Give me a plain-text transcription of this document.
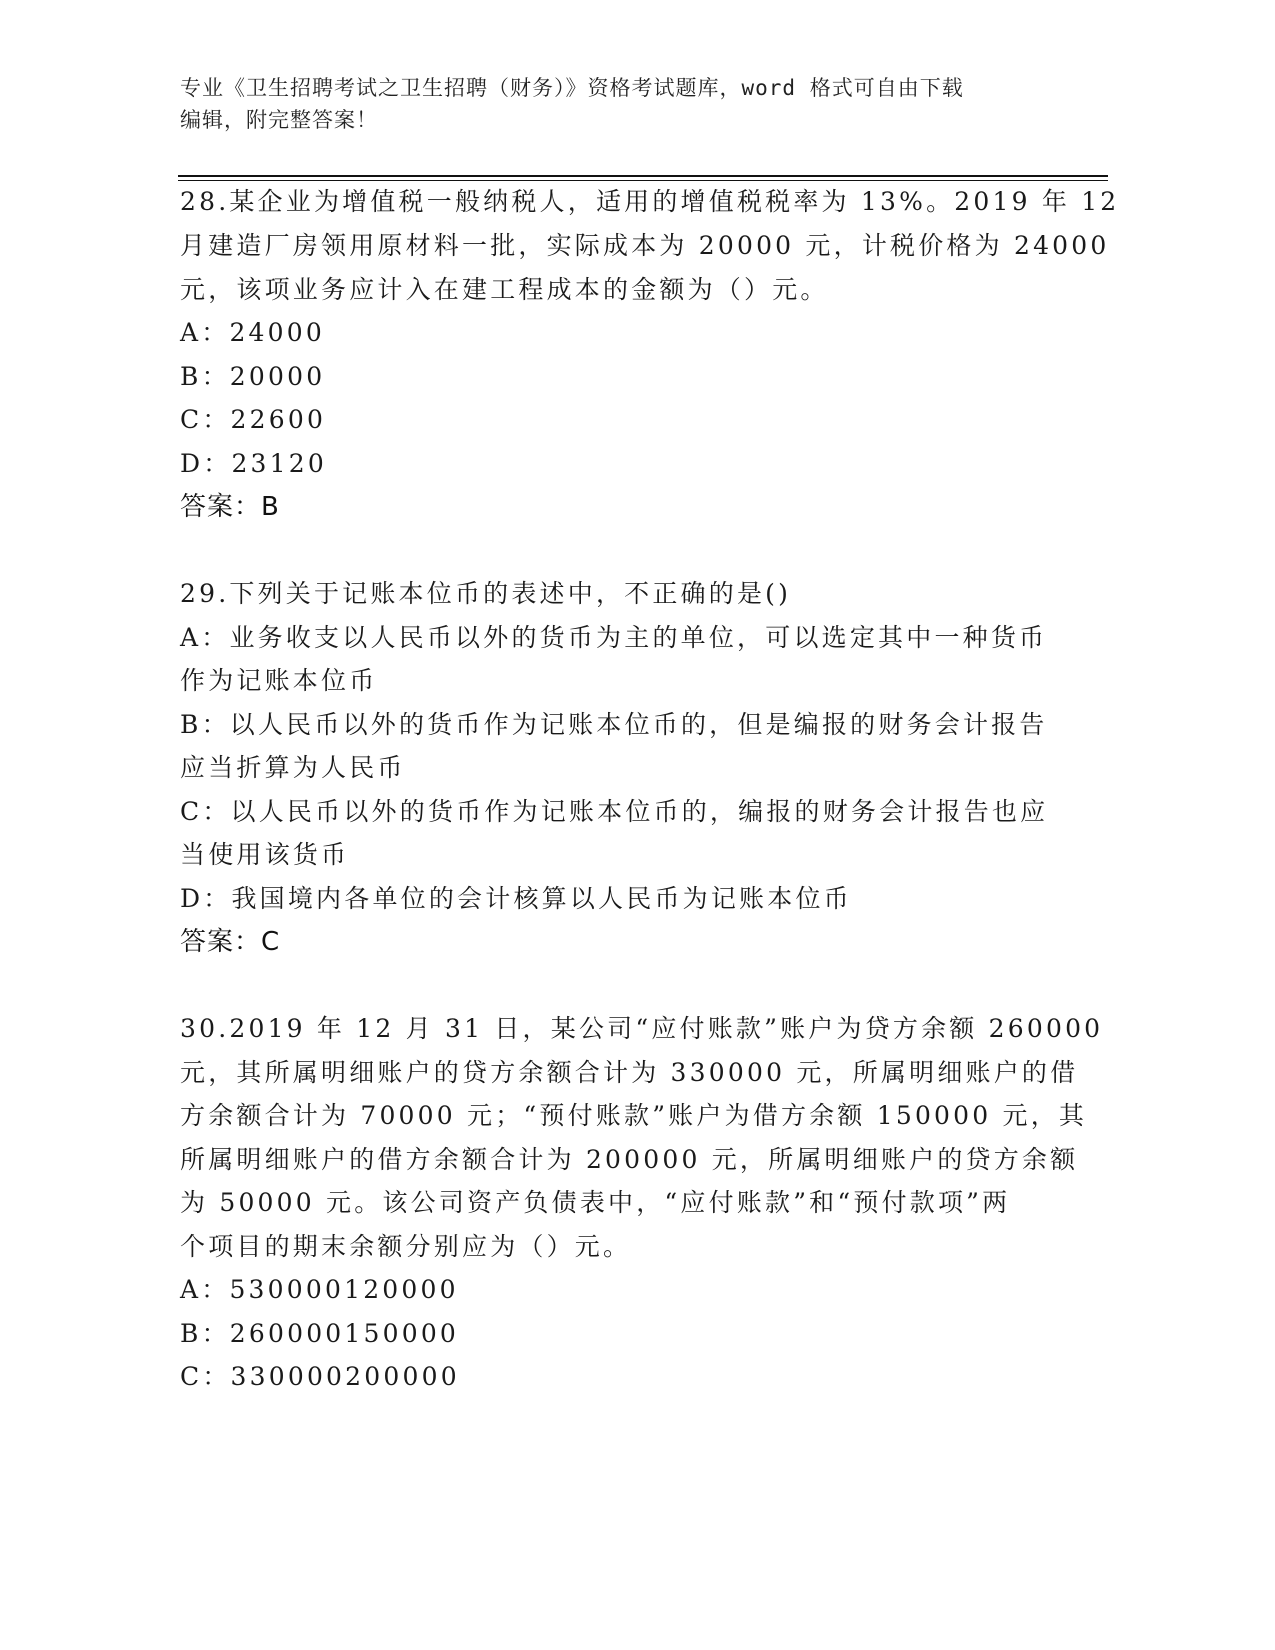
专业《卫生招聘考试之卫生招聘（财务）》资格考试题库，word 格式可自由下载
编辑，附完整答案！
28.某企业为增值税一般纳税人，适用的增值税税率为 13%。2019 年 12
月建造厂房领用原材料一批，实际成本为 20000 元，计税价格为 24000
元，该项业务应计入在建工程成本的金额为（）元。
A：24000
B：20000
C：22600
D：23120
答案：B
29.下列关于记账本位币的表述中，不正确的是()
A：业务收支以人民币以外的货币为主的单位，可以选定其中一种货币
作为记账本位币
B：以人民币以外的货币作为记账本位币的，但是编报的财务会计报告
应当折算为人民币
C：以人民币以外的货币作为记账本位币的，编报的财务会计报告也应
当使用该货币
D：我国境内各单位的会计核算以人民币为记账本位币
答案：C
30.2019 年 12 月 31 日，某公司“应付账款”账户为贷方余额 260000
元，其所属明细账户的贷方余额合计为 330000 元，所属明细账户的借
方余额合计为 70000 元；“预付账款”账户为借方余额 150000 元，其
所属明细账户的借方余额合计为 200000 元，所属明细账户的贷方余额
为 50000 元。该公司资产负债表中，“应付账款”和“预付款项”两
个项目的期末余额分别应为（）元。
A：530000120000
B：260000150000
C：330000200000
